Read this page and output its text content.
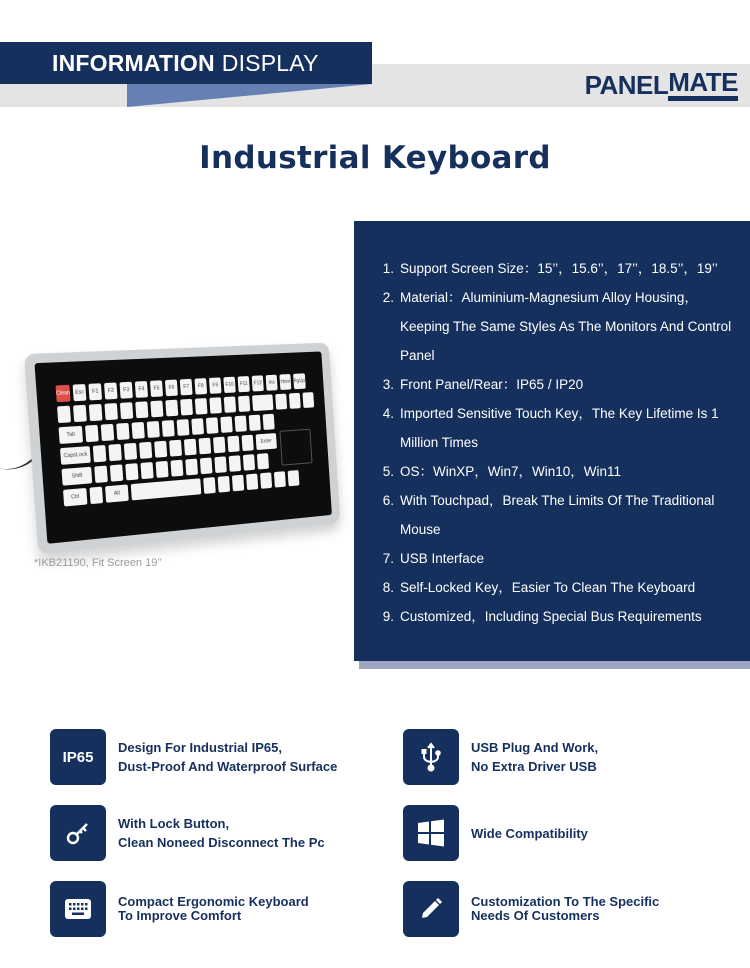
INFORMATION DISPLAY
PANEL MATE
Industrial Keyboard
Clean Esc	F1	F2	F3	F4	F5	F6	F7	F8	F9	F10	F11	F12	Ins	Hom PgUp
Tab
CapsLock
Enter
Shift
Ctrl
Alt
*IKB21190, Fit Screen 19’’
1. Support Screen Size：15’’，15.6’’，17’’，18.5’’，19’’
2. Material：Aluminium-Magnesium Alloy Housing，Keeping The Same Styles As The Monitors And Control Panel
3. Front Panel/Rear：IP65 / IP20
4. Imported Sensitive Touch Key，The Key Lifetime Is 1 Million Times
5. OS：WinXP，Win7，Win10，Win11
6. With Touchpad，Break The Limits Of The Traditional Mouse
7. USB Interface
8. Self-Locked Key，Easier To Clean The Keyboard
9. Customized，Including Special Bus Requirements
IP65
Design For Industrial IP65,
Dust-Proof And Waterproof Surface
USB Plug And Work,
No Extra Driver USB
With Lock Button,
Clean Noneed Disconnect The Pc
Wide Compatibility
Compact Ergonomic Keyboard
To Improve Comfort
Customization To The Specific
Needs Of Customers
